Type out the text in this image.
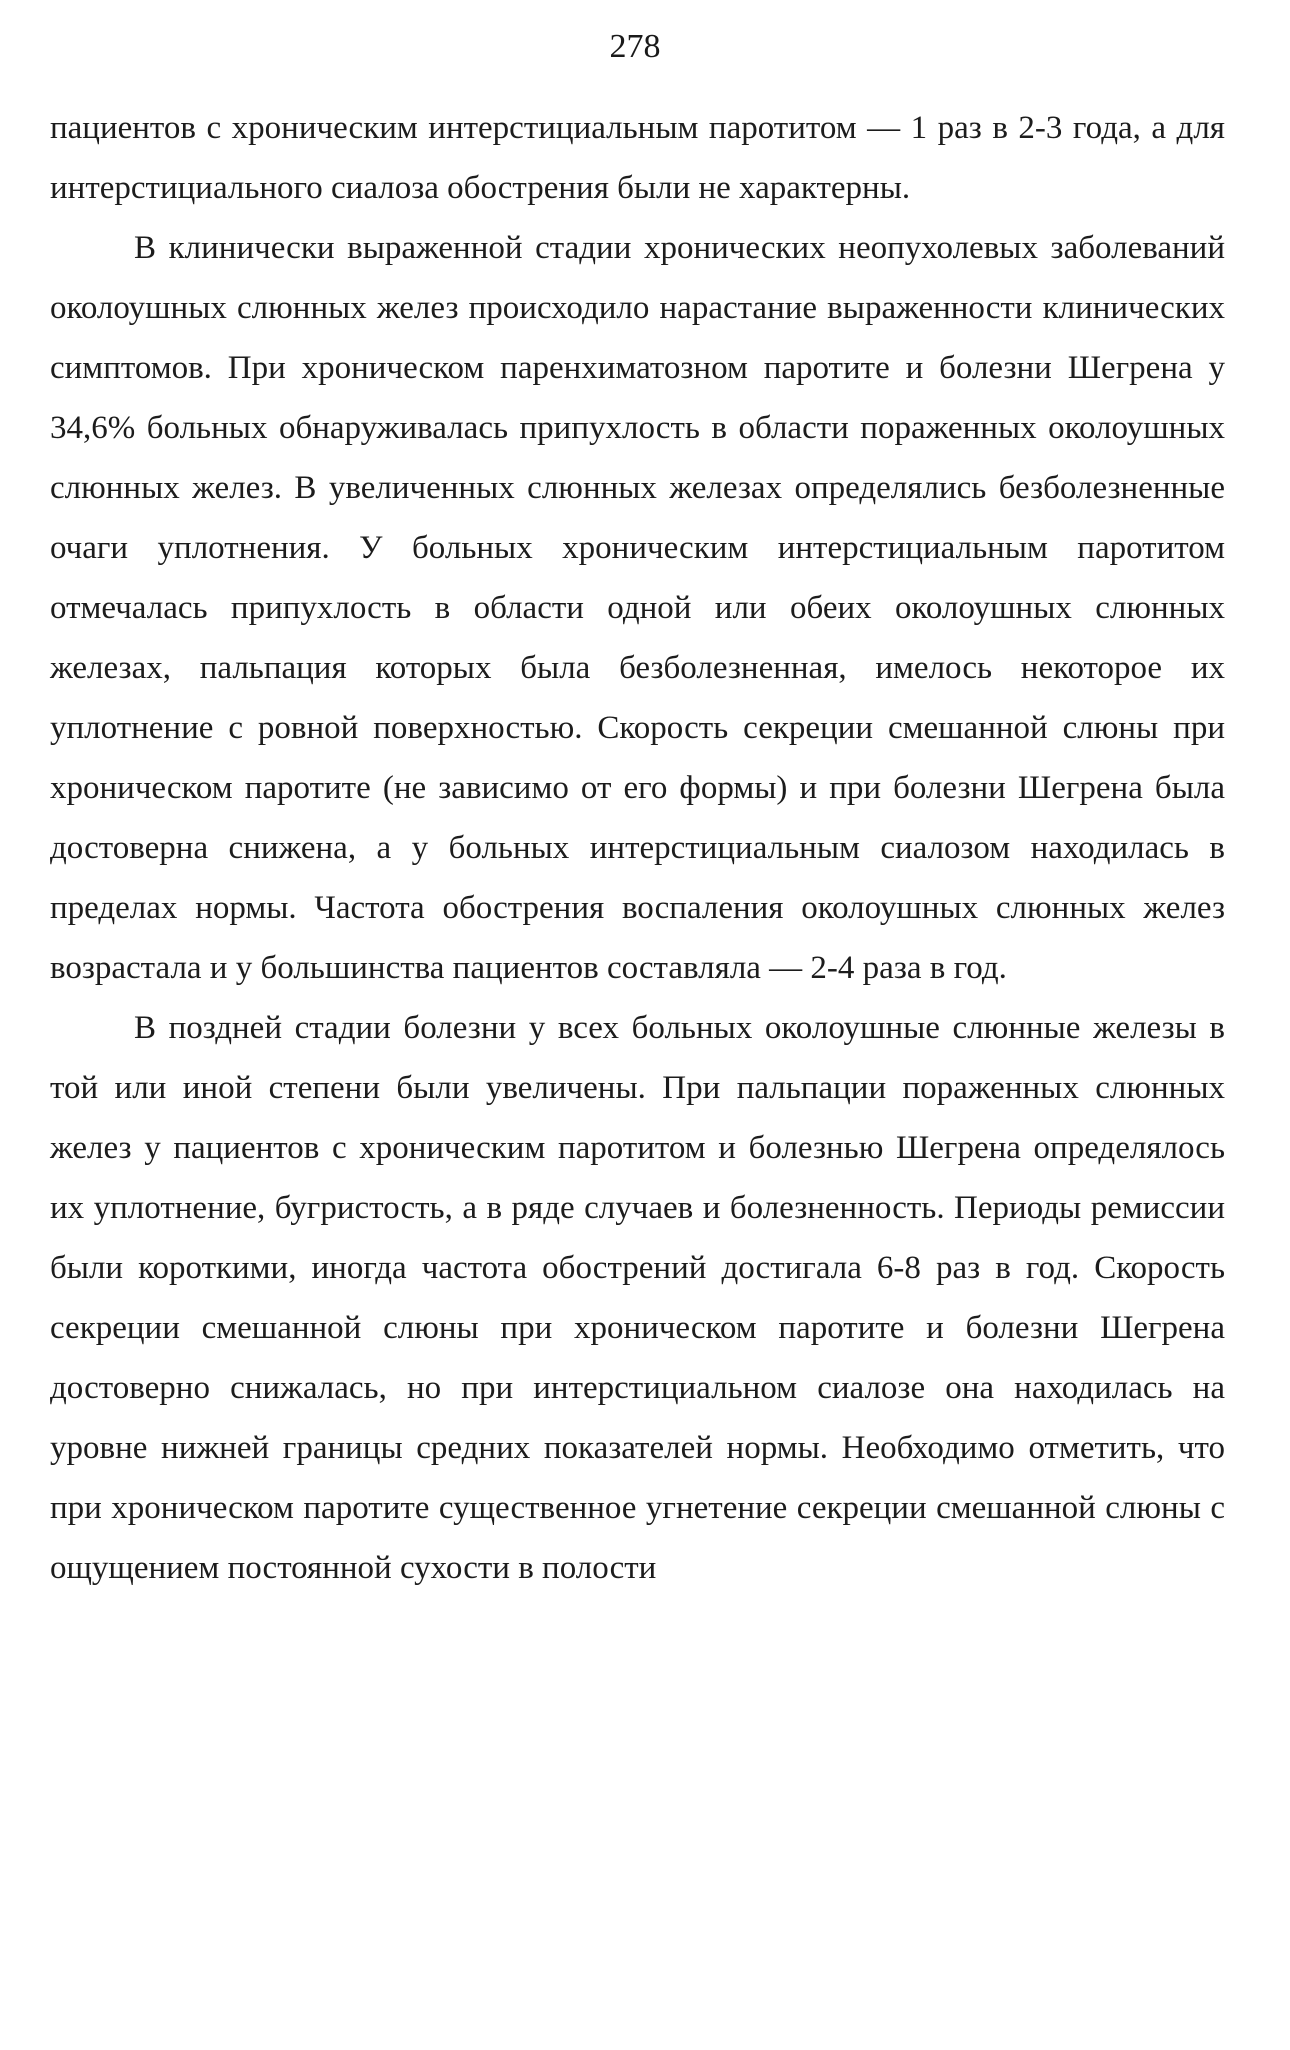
278

пациентов с хроническим интерстициальным паротитом — 1 раз в 2-3 года, а для интерстициального сиалоза обострения были не характерны.

В клинически выраженной стадии хронических неопухолевых заболеваний околоушных слюнных желез происходило нарастание выраженности клинических симптомов. При хроническом паренхиматозном паротите и болезни Шегрена у 34,6% больных обнаруживалась припухлость в области пораженных околоушных слюнных желез. В увеличенных слюнных железах определялись безболезненные очаги уплотнения. У больных хроническим интерстициальным паротитом отмечалась припухлость в области одной или обеих околоушных слюнных железах, пальпация которых была безболезненная, имелось некоторое их уплотнение с ровной поверхностью. Скорость секреции смешанной слюны при хроническом паротите (не зависимо от его формы) и при болезни Шегрена была достоверна снижена, а у больных интерстициальным сиалозом находилась в пределах нормы. Частота обострения воспаления околоушных слюнных желез возрастала и у большинства пациентов составляла — 2-4 раза в год.

В поздней стадии болезни у всех больных околоушные слюнные железы в той или иной степени были увеличены. При пальпации пораженных слюнных желез у пациентов с хроническим паротитом и болезнью Шегрена определялось их уплотнение, бугристость, а в ряде случаев и болезненность. Периоды ремиссии были короткими, иногда частота обострений достигала 6-8 раз в год. Скорость секреции смешанной слюны при хроническом паротите и болезни Шегрена достоверно снижалась, но при интерстициальном сиалозе она находилась на уровне нижней границы средних показателей нормы. Необходимо отметить, что при хроническом паротите существенное угнетение секреции смешанной слюны с ощущением постоянной сухости в полости
